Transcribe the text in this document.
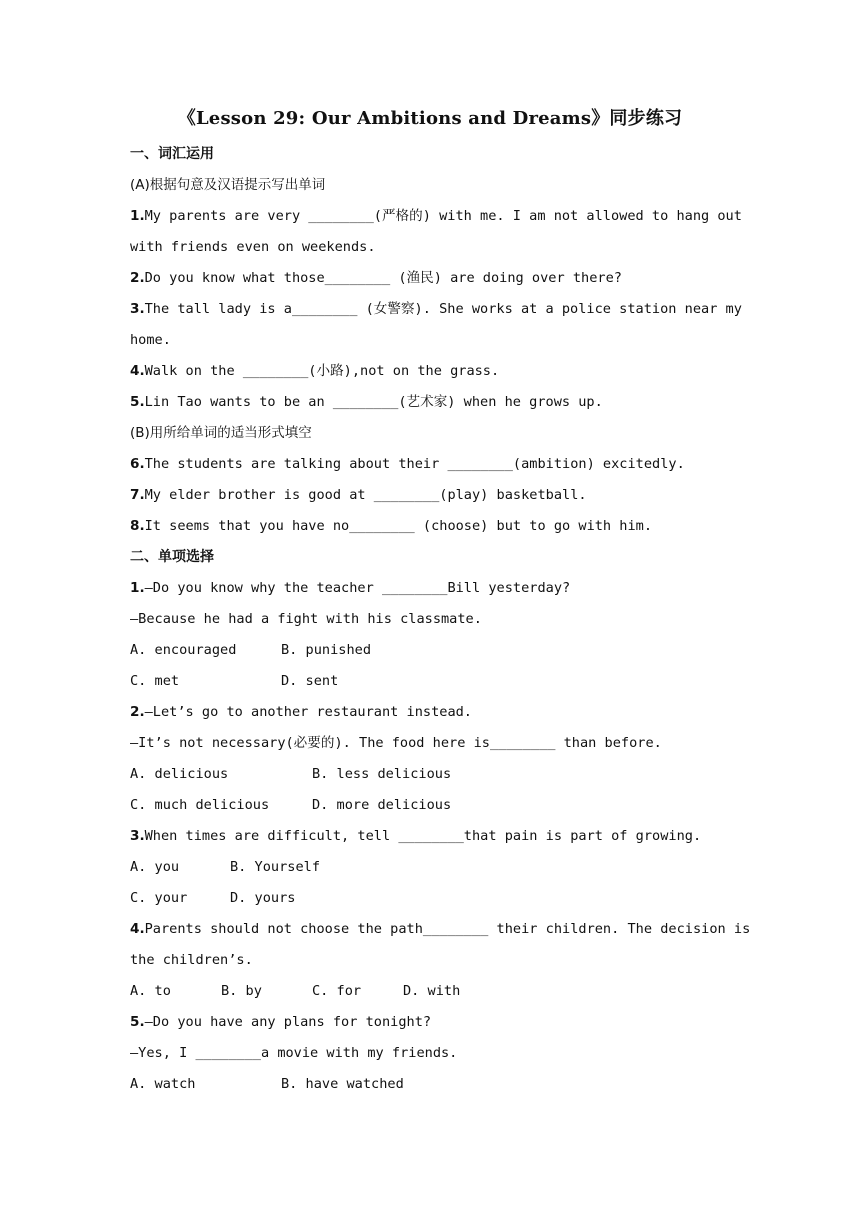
《Lesson 29: Our Ambitions and Dreams》同步练习
一、词汇运用
(A)根据句意及汉语提示写出单词
1.My parents are very ________(严格的) with me. I am not allowed to hang out
with friends even on weekends.
2.Do you know what those________ (渔民) are doing over there?
3.The tall lady is a________ (女警察). She works at a police station near my
home.
4.Walk on the ________(小路),not on the grass.
5.Lin Tao wants to be an ________(艺术家) when he grows up.
(B)用所给单词的适当形式填空
6.The students are talking about their ________(ambition) excitedly.
7.My elder brother is good at ________(play) basketball.
8.It seems that you have no________ (choose) but to go with him.
二、单项选择
1.—Do you know why the teacher ________Bill yesterday?
—Because he had a fight with his classmate.
A. encouraged	B. punished
C. met	D. sent
2.—Let’s go to another restaurant instead.
—It’s not necessary(必要的). The food here is________ than before.
A. delicious	B. less delicious
C. much delicious	D. more delicious
3.When times are difficult, tell ________that pain is part of growing.
A. you	B. Yourself
C. your	D. yours
4.Parents should not choose the path________ their children. The decision is
the children’s.
A. to	B. by	C. for	D. with
5.—Do you have any plans for tonight?
—Yes, I ________a movie with my friends.
A. watch	B. have watched
